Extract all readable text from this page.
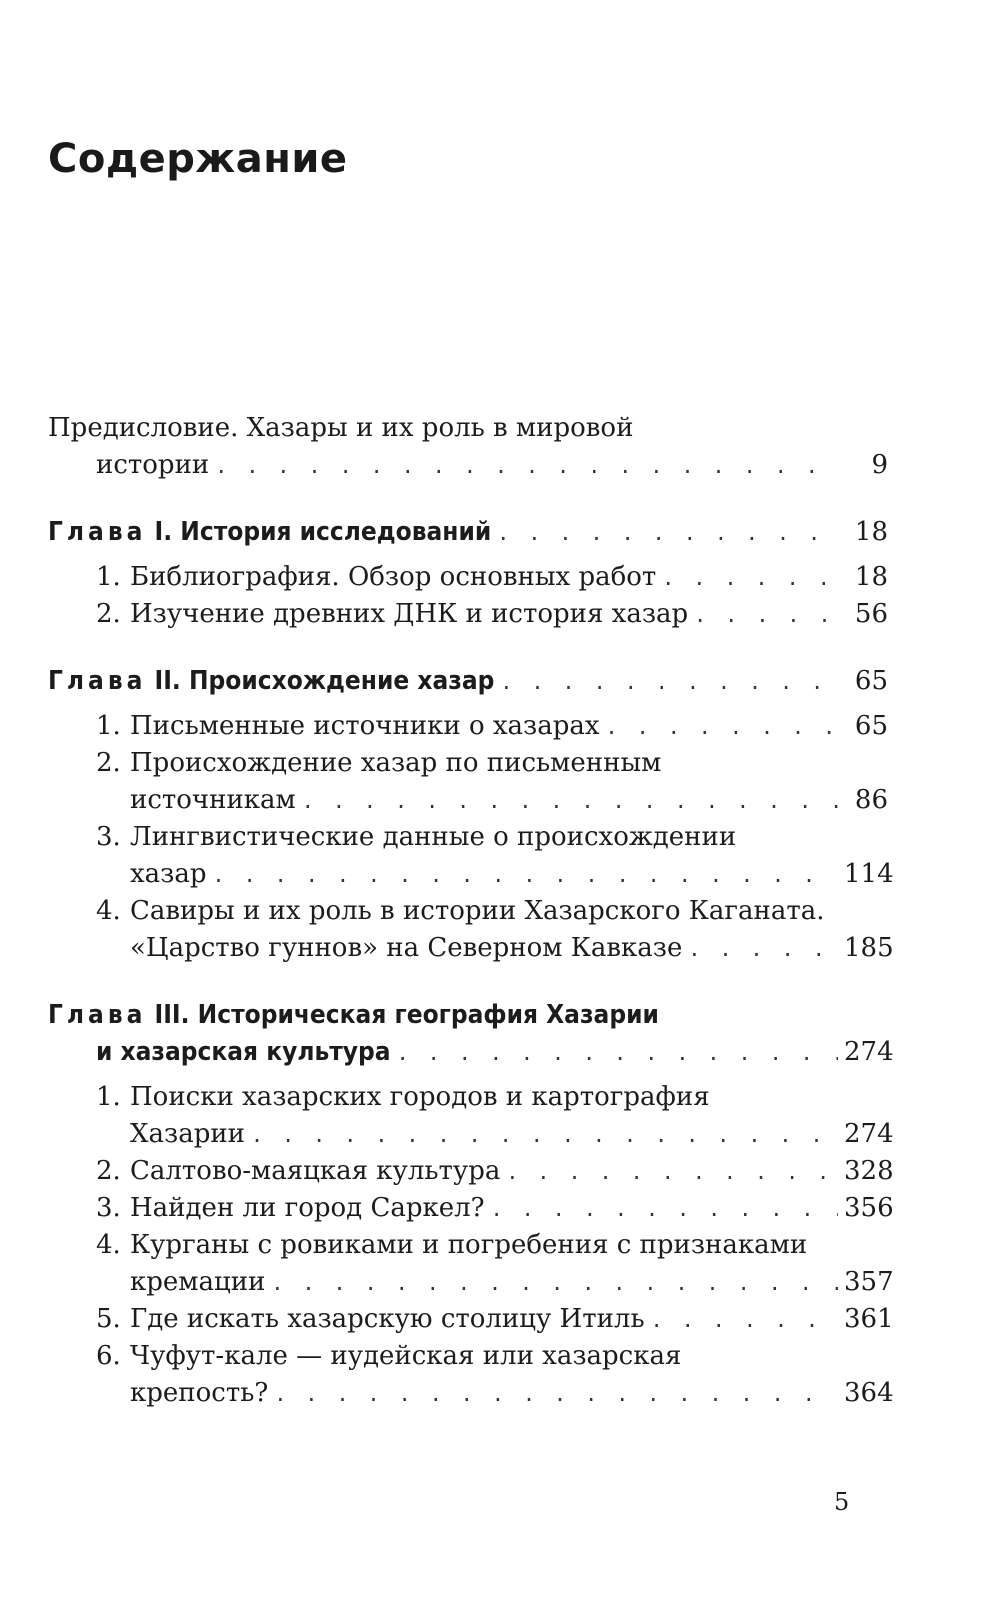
Содержание
Предисловие. Хазары и их роль в мировой
истории . . .	9
Глава I. История исследований . . .	18
1. Библиография. Обзор основных работ . . .	18
2. Изучение древних ДНК и история хазар . . .	56
Глава II. Происхождение хазар . . .	65
1. Письменные источники о хазарах . . .	65
2. Происхождение хазар по письменным
источникам . . .	86
3. Лингвистические данные о происхождении
хазар . . .	114
4. Савиры и их роль в истории Хазарского Каганата.
«Царство гуннов» на Северном Кавказе . . .	185
Глава III. Историческая география Хазарии
и хазарская культура . . .	274
1. Поиски хазарских городов и картография
Хазарии . . .	274
2. Салтово-маяцкая культура . . .	328
3. Найден ли город Саркел? . . .	356
4. Курганы с ровиками и погребения с признаками
кремации . . .	357
5. Где искать хазарскую столицу Итиль . . .	361
6. Чуфут-кале — иудейская или хазарская
крепость? . . .	364
5
